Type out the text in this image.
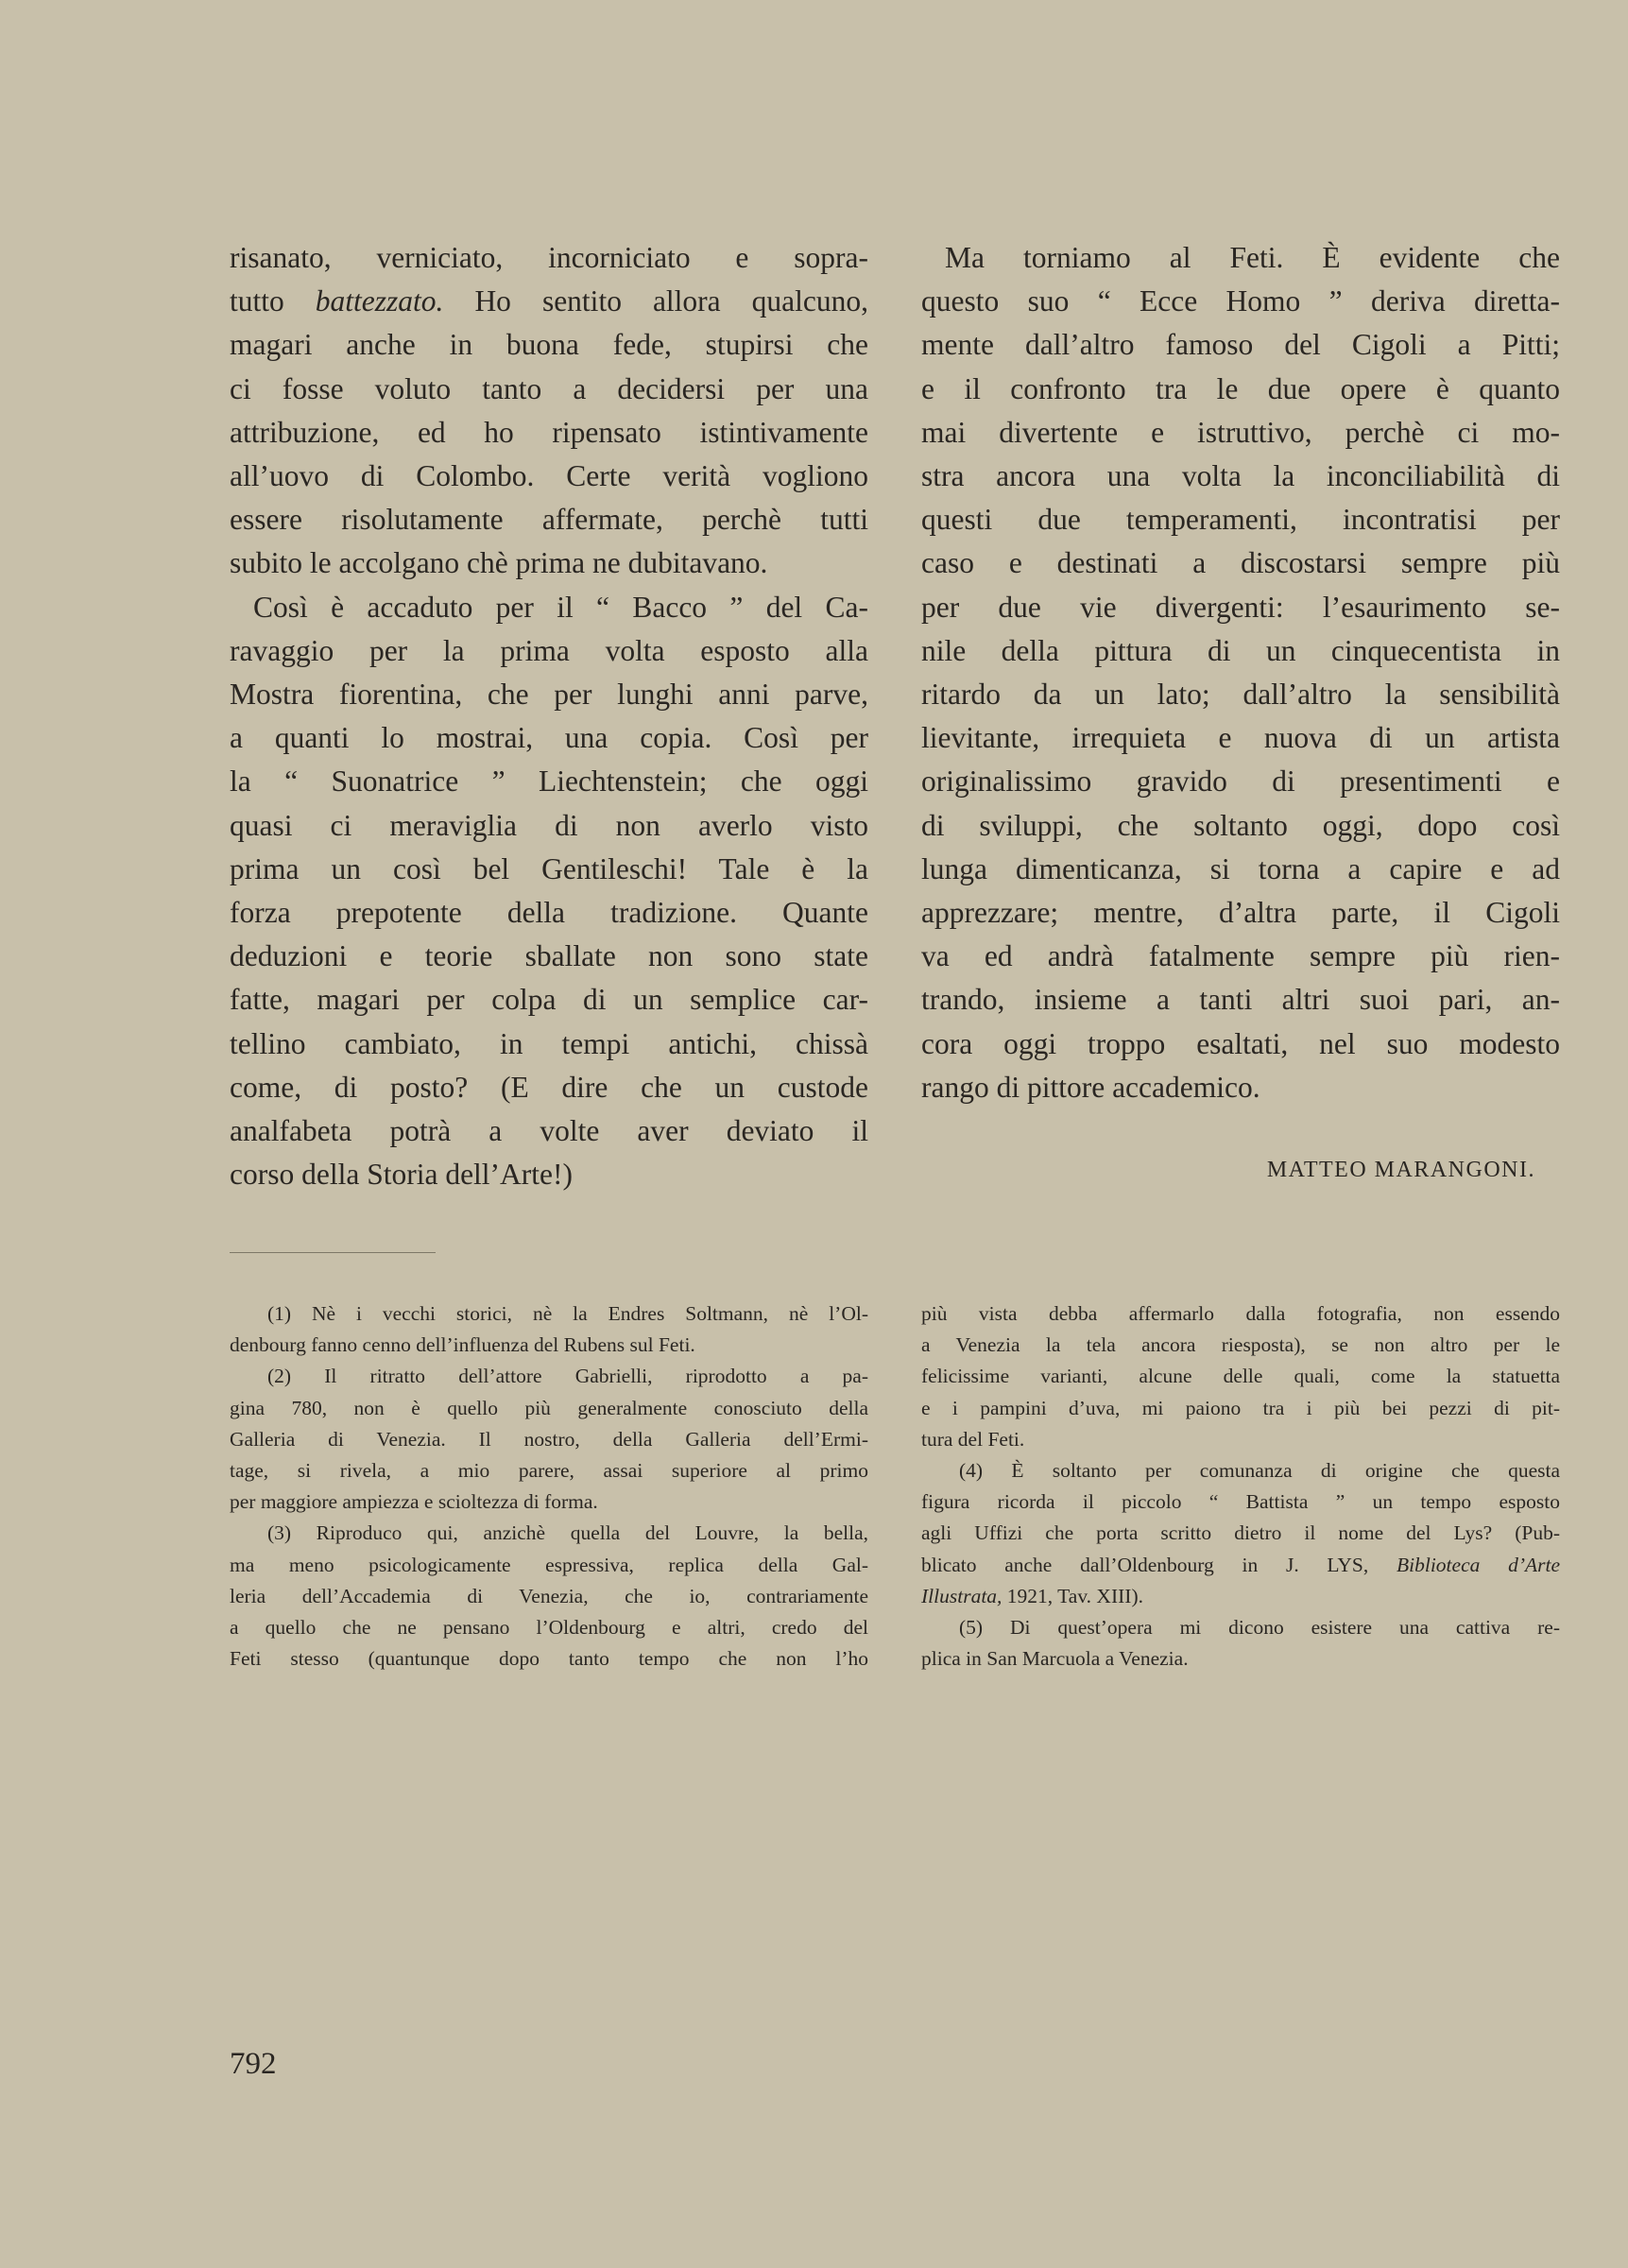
risanato, verniciato, incorniciato e sopra-
tutto battezzato. Ho sentito allora qualcuno,
magari anche in buona fede, stupirsi che
ci fosse voluto tanto a decidersi per una
attribuzione, ed ho ripensato istintivamente
all’uovo di Colombo. Certe verità vogliono
essere risolutamente affermate, perchè tutti
subito le accolgano chè prima ne dubitavano.
Così è accaduto per il “ Bacco ” del Ca-
ravaggio per la prima volta esposto alla
Mostra fiorentina, che per lunghi anni parve,
a quanti lo mostrai, una copia. Così per
la “ Suonatrice ” Liechtenstein; che oggi
quasi ci meraviglia di non averlo visto
prima un così bel Gentileschi! Tale è la
forza prepotente della tradizione. Quante
deduzioni e teorie sballate non sono state
fatte, magari per colpa di un semplice car-
tellino cambiato, in tempi antichi, chissà
come, di posto? (E dire che un custode
analfabeta potrà a volte aver deviato il
corso della Storia dell’Arte!)
Ma torniamo al Feti. È evidente che
questo suo “ Ecce Homo ” deriva diretta-
mente dall’altro famoso del Cigoli a Pitti;
e il confronto tra le due opere è quanto
mai divertente e istruttivo, perchè ci mo-
stra ancora una volta la inconciliabilità di
questi due temperamenti, incontratisi per
caso e destinati a discostarsi sempre più
per due vie divergenti: l’esaurimento se-
nile della pittura di un cinquecentista in
ritardo da un lato; dall’altro la sensibilità
lievitante, irrequieta e nuova di un artista
originalissimo gravido di presentimenti e
di sviluppi, che soltanto oggi, dopo così
lunga dimenticanza, si torna a capire e ad
apprezzare; mentre, d’altra parte, il Cigoli
va ed andrà fatalmente sempre più rien-
trando, insieme a tanti altri suoi pari, an-
cora oggi troppo esaltati, nel suo modesto
rango di pittore accademico.
MATTEO MARANGONI.
(1) Nè i vecchi storici, nè la Endres Soltmann, nè l’Ol-
denbourg fanno cenno dell’influenza del Rubens sul Feti.
(2) Il ritratto dell’attore Gabrielli, riprodotto a pa-
gina 780, non è quello più generalmente conosciuto della
Galleria di Venezia. Il nostro, della Galleria dell’Ermi-
tage, si rivela, a mio parere, assai superiore al primo
per maggiore ampiezza e scioltezza di forma.
(3) Riproduco qui, anzichè quella del Louvre, la bella,
ma meno psicologicamente espressiva, replica della Gal-
leria dell’Accademia di Venezia, che io, contrariamente
a quello che ne pensano l’Oldenbourg e altri, credo del
Feti stesso (quantunque dopo tanto tempo che non l’ho
più vista debba affermarlo dalla fotografia, non essendo
a Venezia la tela ancora riesposta), se non altro per le
felicissime varianti, alcune delle quali, come la statuetta
e i pampini d’uva, mi paiono tra i più bei pezzi di pit-
tura del Feti.
(4) È soltanto per comunanza di origine che questa
figura ricorda il piccolo “ Battista ” un tempo esposto
agli Uffizi che porta scritto dietro il nome del Lys? (Pub-
blicato anche dall’Oldenbourg in J. LYS, Biblioteca d’Arte
Illustrata, 1921, Tav. XIII).
(5) Di quest’opera mi dicono esistere una cattiva re-
plica in San Marcuola a Venezia.
792
